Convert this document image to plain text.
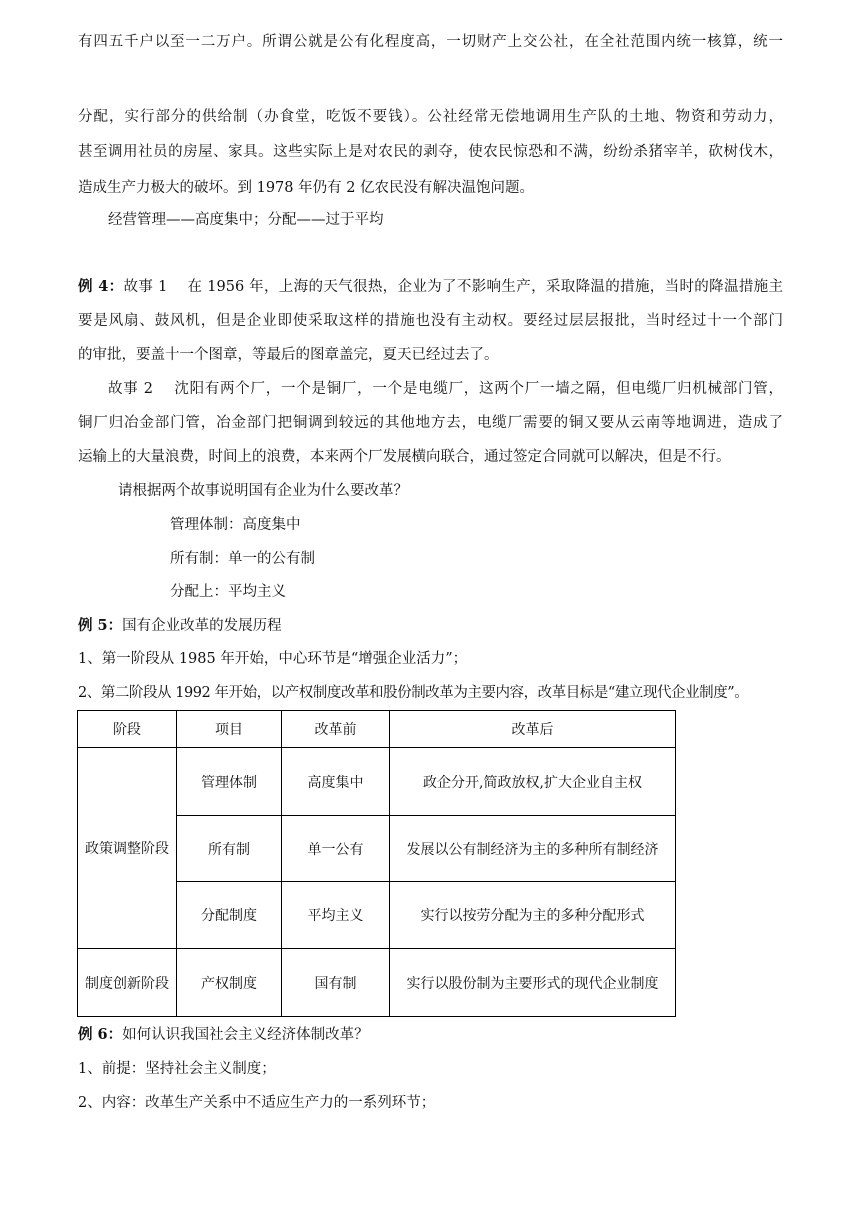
有四五千户以至一二万户。所谓公就是公有化程度高，一切财产上交公社，在全社范围内统一核算，统一
分配，实行部分的供给制（办食堂，吃饭不要钱）。公社经常无偿地调用生产队的土地、物资和劳动力，
甚至调用社员的房屋、家具。这些实际上是对农民的剥夺，使农民惊恐和不满，纷纷杀猪宰羊，砍树伐木，
造成生产力极大的破坏。到 1978 年仍有 2 亿农民没有解决温饱问题。
经营管理——高度集中；分配——过于平均
例 4：故事 1　 在 1956 年，上海的天气很热，企业为了不影响生产，采取降温的措施，当时的降温措施主
要是风扇、鼓风机，但是企业即使采取这样的措施也没有主动权。要经过层层报批，当时经过十一个部门
的审批，要盖十一个图章，等最后的图章盖完，夏天已经过去了。
故事 2　 沈阳有两个厂，一个是铜厂，一个是电缆厂，这两个厂一墙之隔，但电缆厂归机械部门管，
铜厂归冶金部门管，冶金部门把铜调到较远的其他地方去，电缆厂需要的铜又要从云南等地调进，造成了
运输上的大量浪费，时间上的浪费，本来两个厂发展横向联合，通过签定合同就可以解决，但是不行。
请根据两个故事说明国有企业为什么要改革？
管理体制：高度集中
所有制：单一的公有制
分配上：平均主义
例 5：国有企业改革的发展历程
1、第一阶段从 1985 年开始，中心环节是“增强企业活力”；
2、第二阶段从 1992 年开始，以产权制度改革和股份制改革为主要内容，改革目标是“建立现代企业制度”。
阶段	项目	改革前	改革后
政策调整阶段	管理体制	高度集中	政企分开,简政放权,扩大企业自主权
	所有制	单一公有	发展以公有制经济为主的多种所有制经济
	分配制度	平均主义	实行以按劳分配为主的多种分配形式
制度创新阶段	产权制度	国有制	实行以股份制为主要形式的现代企业制度
例 6：如何认识我国社会主义经济体制改革？
1、前提：坚持社会主义制度；
2、内容：改革生产关系中不适应生产力的一系列环节；
